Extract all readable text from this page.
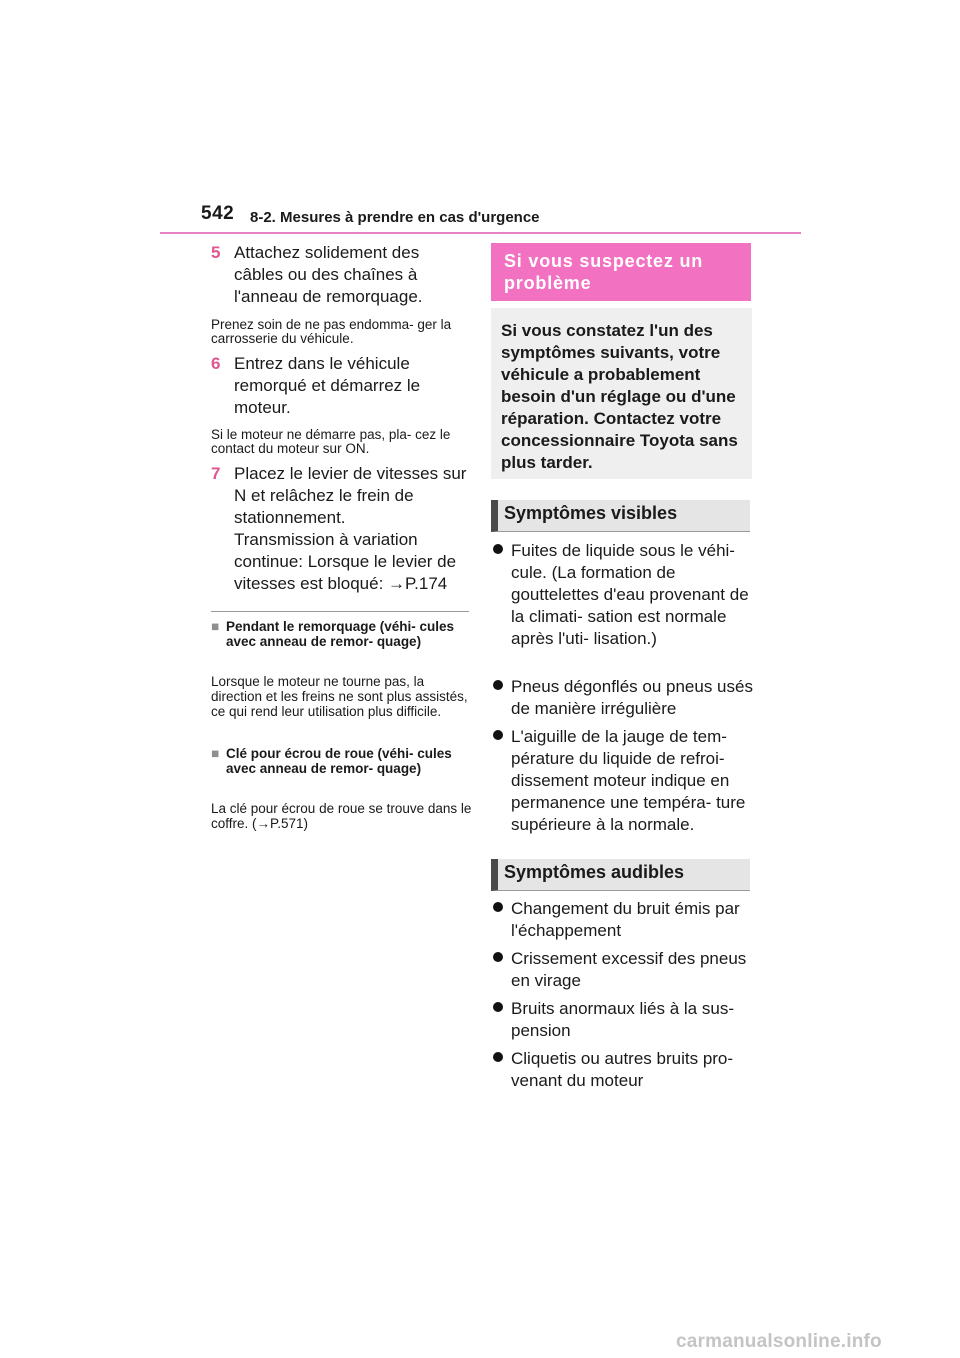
542 8-2. Mesures à prendre en cas d'urgence
5 Attachez solidement des câbles ou des chaînes à l'anneau de remorquage.
Prenez soin de ne pas endomma- ger la carrosserie du véhicule.
6 Entrez dans le véhicule remorqué et démarrez le moteur.
Si le moteur ne démarre pas, pla- cez le contact du moteur sur ON.
7 Placez le levier de vitesses sur N et relâchez le frein de stationnement.
Transmission à variation continue: Lorsque le levier de vitesses est bloqué: →P.174
■ Pendant le remorquage (véhi- cules avec anneau de remor- quage)
Lorsque le moteur ne tourne pas, la direction et les freins ne sont plus assistés, ce qui rend leur utilisation plus difficile.
■ Clé pour écrou de roue (véhi- cules avec anneau de remor- quage)
La clé pour écrou de roue se trouve dans le coffre. (→P.571)
Si vous suspectez un problème
Si vous constatez l'un des symptômes suivants, votre véhicule a probablement besoin d'un réglage ou d'une réparation. Contactez votre concessionnaire Toyota sans plus tarder.
Symptômes visibles
Fuites de liquide sous le véhi- cule. (La formation de gouttelettes d'eau provenant de la climati- sation est normale après l'uti- lisation.)
Pneus dégonflés ou pneus usés de manière irrégulière
L'aiguille de la jauge de tem- pérature du liquide de refroi- dissement moteur indique en permanence une tempéra- ture supérieure à la normale.
Symptômes audibles
Changement du bruit émis par l'échappement
Crissement excessif des pneus en virage
Bruits anormaux liés à la sus- pension
Cliquetis ou autres bruits pro- venant du moteur
carmanualsonline.info
